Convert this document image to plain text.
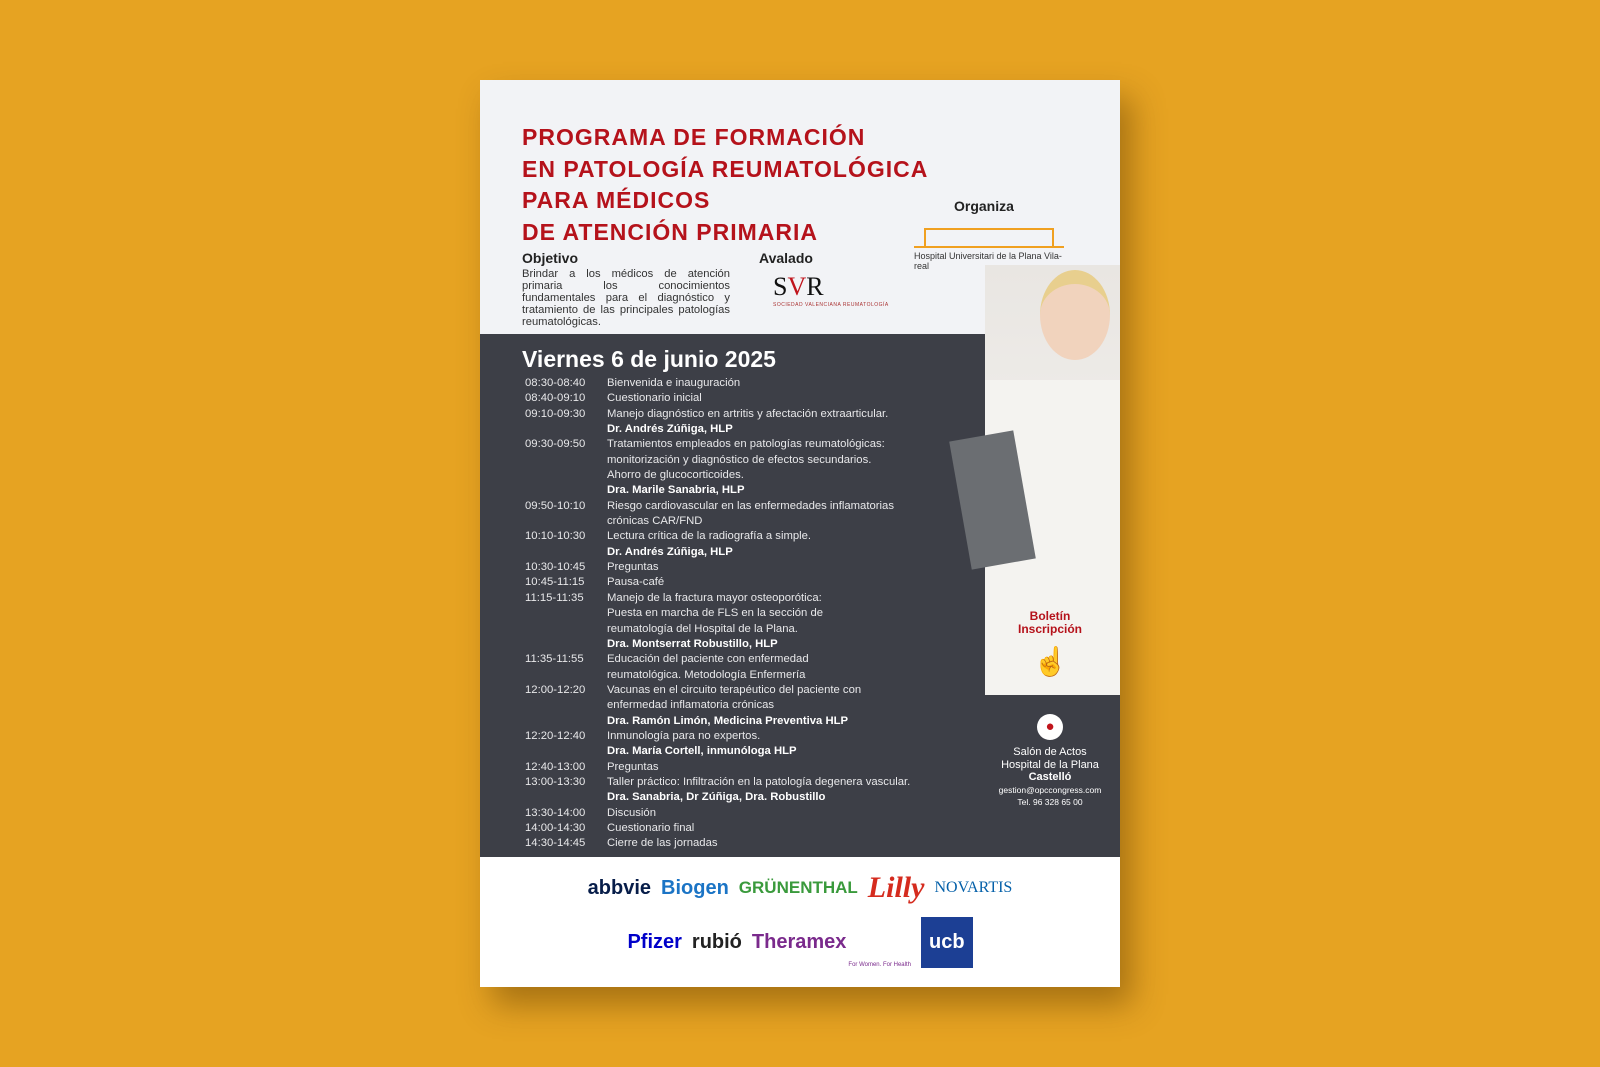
PROGRAMA DE FORMACIÓN
EN PATOLOGÍA REUMATOLÓGICA
PARA MÉDICOS
DE ATENCIÓN PRIMARIA
Objetivo
Brindar a los médicos de atención primaria los conocimientos fundamentales para el diagnóstico y tratamiento de las principales patologías reumatológicas.
Avalado
SVR
SOCIEDAD VALENCIANA REUMATOLOGÍA
Organiza
Hospital Universitari de la Plana Vila-real
Viernes 6 de junio 2025
08:30-08:40	Bienvenida e inauguración
08:40-09:10	Cuestionario inicial
09:10-09:30	Manejo diagnóstico en artritis y afectación extraarticular.
Dr. Andrés Zúñiga, HLP
09:30-09:50	Tratamientos empleados en patologías reumatológicas:
monitorización y diagnóstico de efectos secundarios.
Ahorro de glucocorticoides.
Dra. Marile Sanabria, HLP
09:50-10:10	Riesgo cardiovascular en las enfermedades inflamatorias
crónicas CAR/FND
10:10-10:30	Lectura crítica de la radiografía a simple.
Dr. Andrés Zúñiga, HLP
10:30-10:45	Preguntas
10:45-11:15	Pausa-café
11:15-11:35	Manejo de la fractura mayor osteoporótica:
Puesta en marcha de FLS en la sección de
reumatología del Hospital de la Plana.
Dra. Montserrat Robustillo, HLP
11:35-11:55	Educación del paciente con enfermedad
reumatológica. Metodología Enfermería
12:00-12:20	Vacunas en el circuito terapéutico del paciente con
enfermedad inflamatoria crónicas
Dra. Ramón Limón, Medicina Preventiva HLP
12:20-12:40	Inmunología para no expertos.
Dra. María Cortell, inmunóloga HLP
12:40-13:00	Preguntas
13:00-13:30	Taller práctico: Infiltración en la patología degenera vascular.
Dra. Sanabria, Dr Zúñiga, Dra. Robustillo
13:30-14:00	Discusión
14:00-14:30	Cuestionario final
14:30-14:45	Cierre de las jornadas
Boletín
Inscripción
☝
●
Salón de Actos
Hospital de la Plana
Castelló
gestion@opccongress.com
Tel. 96 328 65 00
abbvie Biogen GRÜNENTHAL Lilly NOVARTIS
Pfizer rubió Theramex
For Women. For Health
ucb
